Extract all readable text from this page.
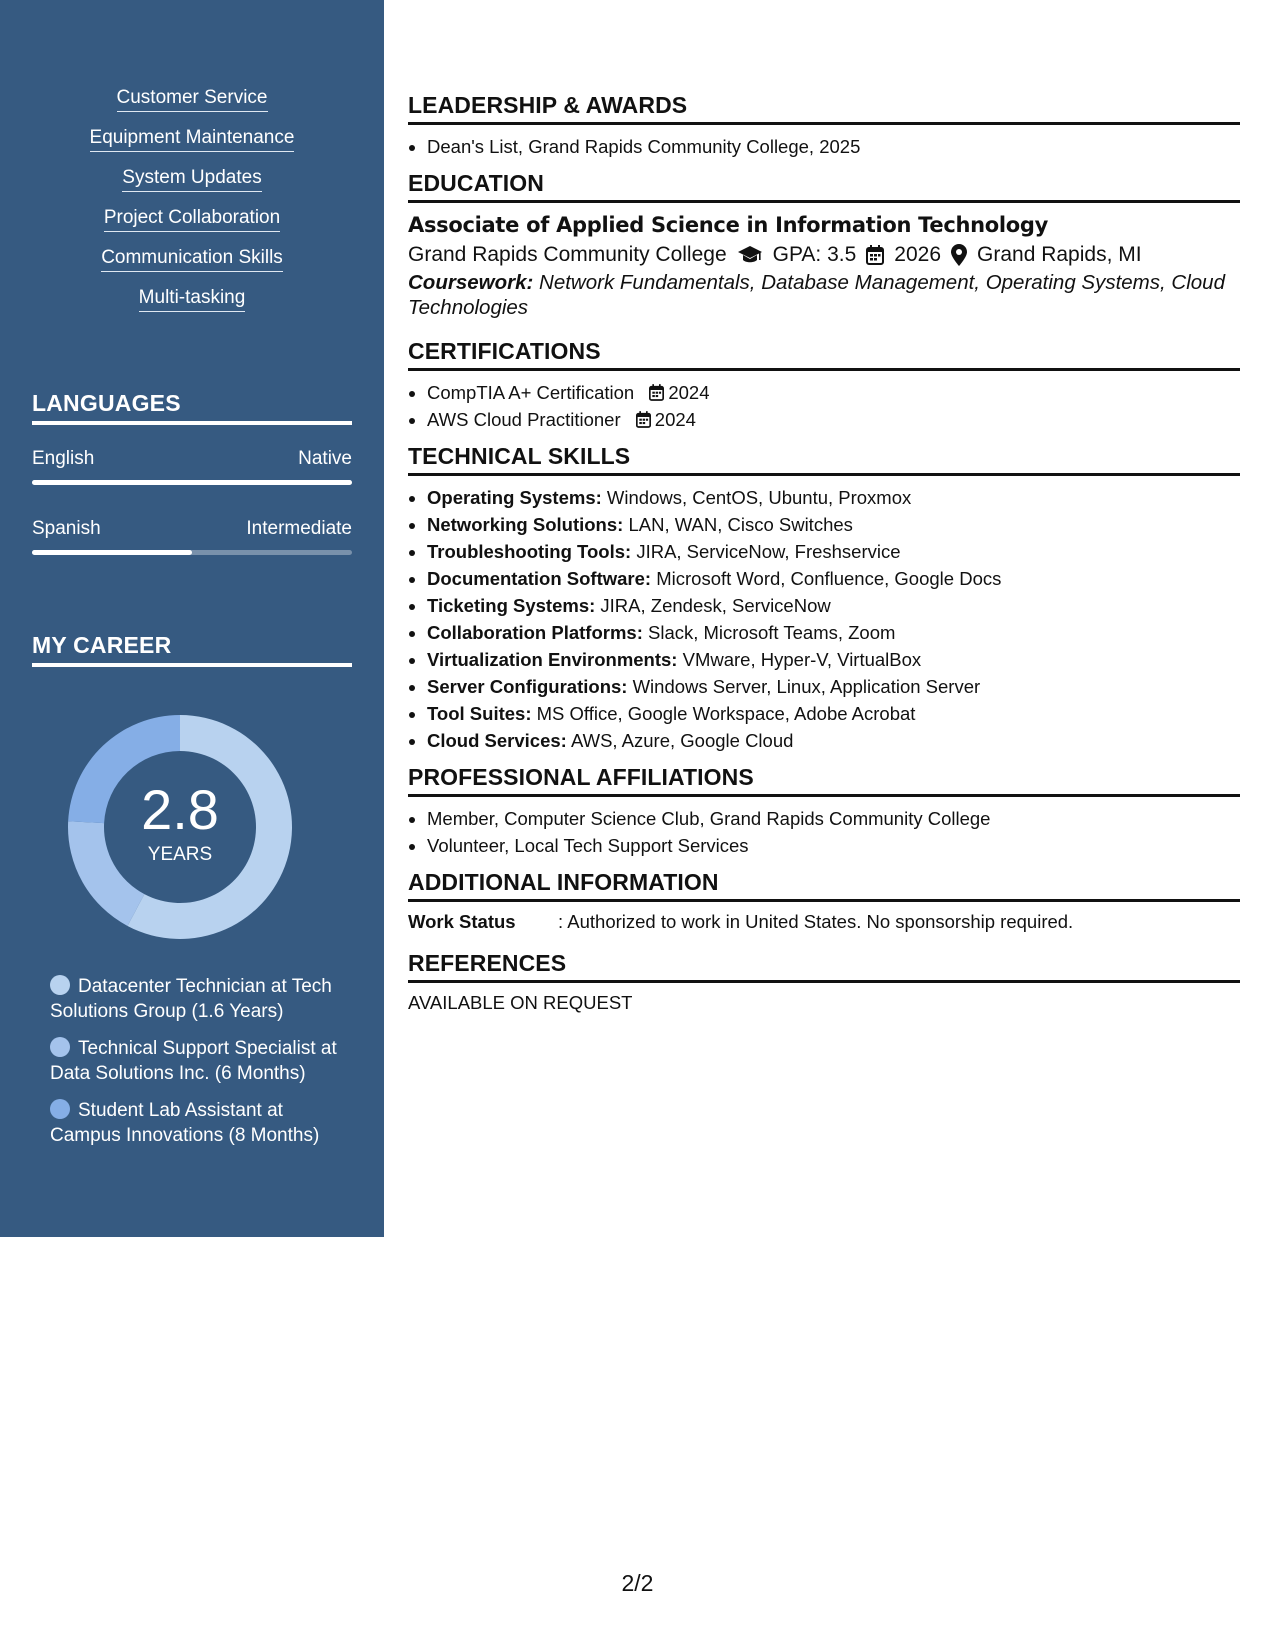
Customer Service
Equipment Maintenance
System Updates
Project Collaboration
Communication Skills
Multi-tasking
LANGUAGES
English	Native
Spanish	Intermediate
MY CAREER
2.8
YEARS
Datacenter Technician at Tech Solutions Group (1.6 Years)
Technical Support Specialist at Data Solutions Inc. (6 Months)
Student Lab Assistant at Campus Innovations (8 Months)
LEADERSHIP & AWARDS
• Dean's List, Grand Rapids Community College, 2025
EDUCATION
Associate of Applied Science in Information Technology
Grand Rapids Community College GPA: 3.5 2026 Grand Rapids, MI
Coursework: Network Fundamentals, Database Management, Operating Systems, Cloud Technologies
CERTIFICATIONS
• CompTIA A+ Certification 2024
• AWS Cloud Practitioner 2024
TECHNICAL SKILLS
• Operating Systems: Windows, CentOS, Ubuntu, Proxmox
• Networking Solutions: LAN, WAN, Cisco Switches
• Troubleshooting Tools: JIRA, ServiceNow, Freshservice
• Documentation Software: Microsoft Word, Confluence, Google Docs
• Ticketing Systems: JIRA, Zendesk, ServiceNow
• Collaboration Platforms: Slack, Microsoft Teams, Zoom
• Virtualization Environments: VMware, Hyper-V, VirtualBox
• Server Configurations: Windows Server, Linux, Application Server
• Tool Suites: MS Office, Google Workspace, Adobe Acrobat
• Cloud Services: AWS, Azure, Google Cloud
PROFESSIONAL AFFILIATIONS
• Member, Computer Science Club, Grand Rapids Community College
• Volunteer, Local Tech Support Services
ADDITIONAL INFORMATION
Work Status	: Authorized to work in United States. No sponsorship required.
REFERENCES
AVAILABLE ON REQUEST
2/2
